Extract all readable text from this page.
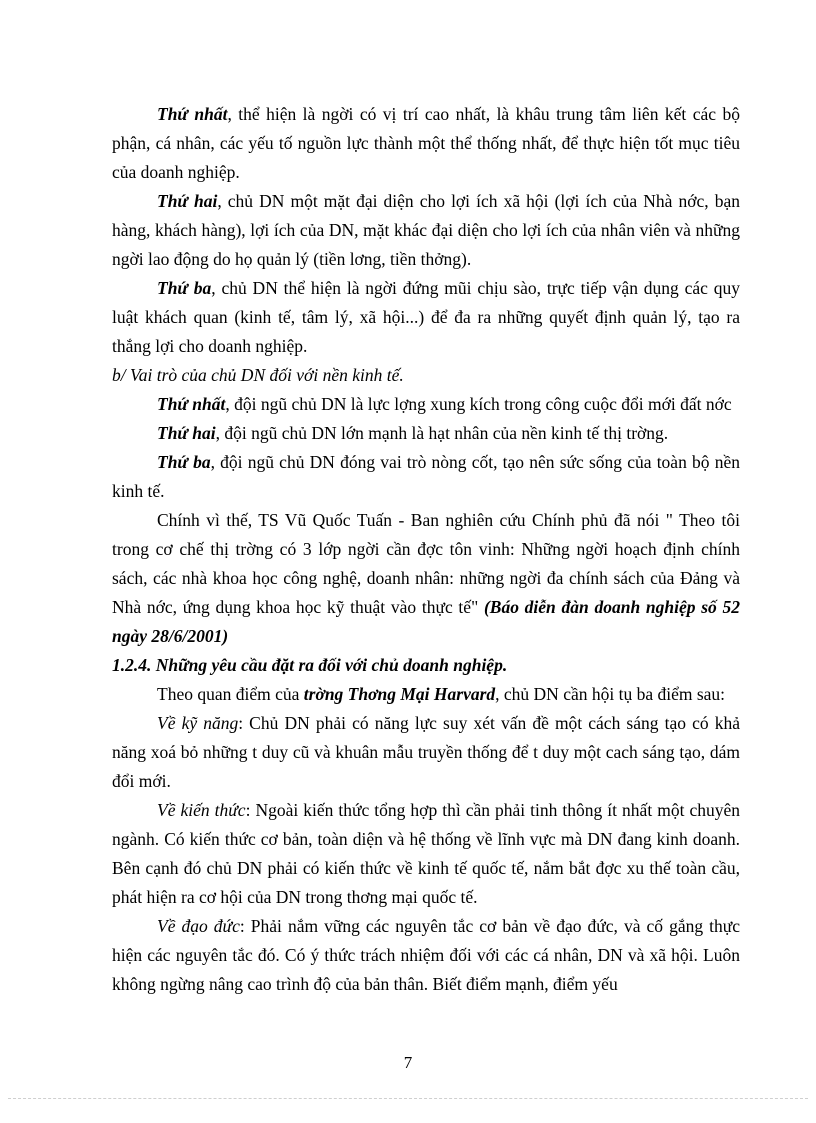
Thứ nhất, thể hiện là ngời có vị trí cao nhất, là khâu trung tâm liên kết các bộ phận, cá nhân, các yếu tố nguồn lực thành một thể thống nhất, để thực hiện tốt mục tiêu của doanh nghiệp.

Thứ hai, chủ DN một mặt đại diện cho lợi ích xã hội (lợi ích của Nhà nớc, bạn hàng, khách hàng), lợi ích của DN, mặt khác đại diện cho lợi ích của nhân viên và những ngời lao động do họ quản lý (tiền lơng, tiền thởng).

Thứ ba, chủ DN thể hiện là ngời đứng mũi chịu sào, trực tiếp vận dụng các quy luật khách quan (kinh tế, tâm lý, xã hội...) để đa ra những quyết định quản lý, tạo ra thắng lợi cho doanh nghiệp.

b/ Vai trò của chủ DN đối với nền kinh tế.

Thứ nhất, đội ngũ chủ DN là lực lợng xung kích trong công cuộc đổi mới đất nớc

Thứ hai, đội ngũ chủ DN lớn mạnh là hạt nhân của nền kinh tế thị trờng.

Thứ ba, đội ngũ chủ DN đóng vai trò nòng cốt, tạo nên sức sống của toàn bộ nền kinh tế.

Chính vì thế, TS Vũ Quốc Tuấn - Ban nghiên cứu Chính phủ đã nói " Theo tôi trong cơ chế thị trờng có 3 lớp ngời cần đợc tôn vinh: Những ngời hoạch định chính sách, các nhà khoa học công nghệ, doanh nhân: những ngời đa chính sách của Đảng và Nhà nớc, ứng dụng khoa học kỹ thuật vào thực tế" (Báo diễn đàn doanh nghiệp số 52 ngày 28/6/2001)

1.2.4. Những yêu cầu đặt ra đối với chủ doanh nghiệp.

Theo quan điểm của trờng Thơng Mại Harvard, chủ DN cần hội tụ ba điểm sau:

Về kỹ năng: Chủ DN phải có năng lực suy xét vấn đề một cách sáng tạo có khả năng xoá bỏ những t duy cũ và khuân mẫu truyền thống để t duy một cach sáng tạo, dám đổi mới.

Về kiến thức: Ngoài kiến thức tổng hợp thì cần phải tinh thông ít nhất một chuyên ngành. Có kiến thức cơ bản, toàn diện và hệ thống về lĩnh vực mà DN đang kinh doanh. Bên cạnh đó chủ DN phải có kiến thức về kinh tế quốc tế, nắm bắt đợc xu thế toàn cầu, phát hiện ra cơ hội của DN trong thơng mại quốc tế.

Về đạo đức: Phải nắm vững các nguyên tắc cơ bản về đạo đức, và cố gắng thực hiện các nguyên tắc đó. Có ý thức trách nhiệm đối với các cá nhân, DN và xã hội. Luôn không ngừng nâng cao trình độ của bản thân. Biết điểm mạnh, điểm yếu

7
